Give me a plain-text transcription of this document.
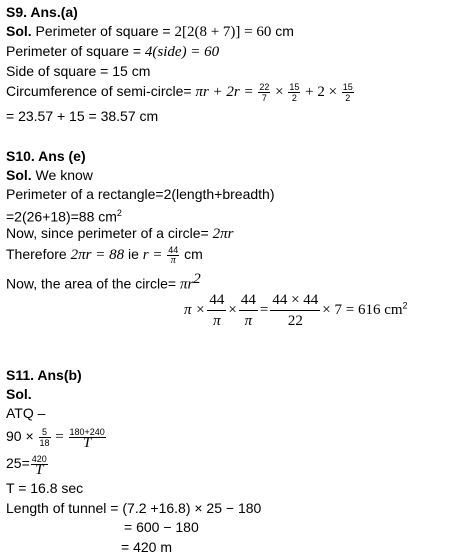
S9. Ans.(a)
Sol. Perimeter of square = 2[2(8 + 7)] = 60 cm
Perimeter of square = 4(side) = 60
Side of square = 15 cm
Circumference of semi-circle= $\pi r + 2r = \frac{22}{7} \times \frac{15}{2} + 2 \times \frac{15}{2}$
= 23.57 + 15 = 38.57 cm
S10. Ans (e)
Sol. We know
Perimeter of a rectangle=2(length+breadth)
=2(26+18)=88 $cm^2$
Now, since perimeter of a circle= 2πr
Therefore 2πr = 88 ie $r = \frac{44}{\pi}$ cm
Now, the area of the circle= $\pi r^2$
$\pi \times \frac{44}{\pi} \times \frac{44}{\pi} = \frac{44 \times 44}{22} \times 7 = 616$ $cm^2$
S11. Ans(b)
Sol.
ATQ –
$90 \times \frac{5}{18} = \frac{180+240}{T}$
$25= \frac{420}{T}$
T = 16.8 sec
Length of tunnel = (7.2 +16.8) × 25 − 180
= 600 − 180
= 420 m
